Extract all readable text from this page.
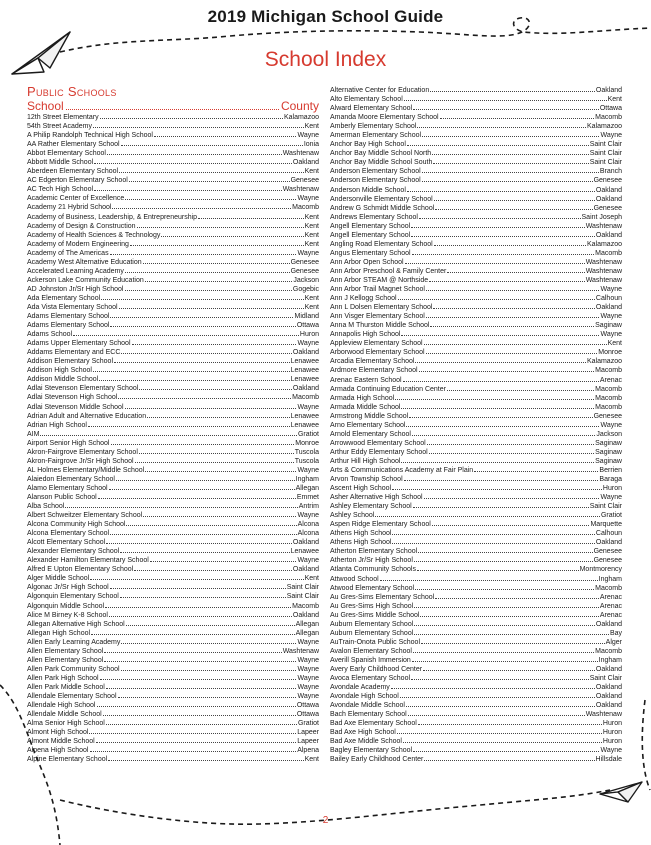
2019 Michigan School Guide
School Index
Public Schools
School	County
12th Street Elementary	Kalamazoo
54th Street Academy	Kent
A Philip Randolph Technical High School	Wayne
AA Rather Elementary School	Ionia
Abbot Elementary School	Washtenaw
Abbott Middle School	Oakland
Aberdeen Elementary School	Kent
AC Edgerton Elementary School	Genesee
AC Tech High School	Washtenaw
Academic Center of Excellence	Wayne
Academy 21 Hybrid School	Macomb
Academy of Business, Leadership, & Entrepreneurship	Kent
Academy of Design & Construction	Kent
Academy of Health Sciences & Technology	Kent
Academy of Modern Engineering	Kent
Academy of The Americas	Wayne
Academy West Alternative Education	Genesee
Accelerated Learning Academy	Genesee
Ackerson Lake Community Education	Jackson
AD Johnston Jr/Sr High School	Gogebic
Ada Elementary School	Kent
Ada Vista Elementary School	Kent
Adams Elementary School	Midland
Adams Elementary School	Ottawa
Adams School	Huron
Adams Upper Elementary School	Wayne
Addams Elementary and ECC	Oakland
Addison Elementary School	Lenawee
Addison High School	Lenawee
Addison Middle School	Lenawee
Adlai Stevenson Elementary School	Oakland
Adlai Stevenson High School	Macomb
Adlai Stevenson Middle School	Wayne
Adrian Adult and Alternative Education	Lenawee
Adrian High School	Lenawee
AIM	Gratiot
Airport Senior High School	Monroe
Akron-Fairgrove Elementary School	Tuscola
Akron-Fairgrove Jr/Sr High School	Tuscola
AL Holmes Elementary/Middle School	Wayne
Alaiedon Elementary School	Ingham
Alamo Elementary School	Allegan
Alanson Public School	Emmet
Alba School	Antrim
Albert Schweitzer Elementary School	Wayne
Alcona Community High School	Alcona
Alcona Elementary School	Alcona
Alcott Elementary School	Oakland
Alexander Elementary School	Lenawee
Alexander Hamilton Elementary School	Wayne
Alfred E Upton Elementary School	Oakland
Alger Middle School	Kent
Algonac Jr/Sr High School	Saint Clair
Algonquin Elementary School	Saint Clair
Algonquin Middle School	Macomb
Alice M Birney K-8 School	Oakland
Allegan Alternative High School	Allegan
Allegan High School	Allegan
Allen Early Learning Academy	Wayne
Allen Elementary School	Washtenaw
Allen Elementary School	Wayne
Allen Park Community School	Wayne
Allen Park High School	Wayne
Allen Park Middle School	Wayne
Allendale Elementary School	Wayne
Allendale High School	Ottawa
Allendale Middle School	Ottawa
Alma Senior High School	Gratiot
Almont High School	Lapeer
Almont Middle School	Lapeer
Alpena High School	Alpena
Alpine Elementary School	Kent
Alternative Center for Education	Oakland
Alto Elementary School	Kent
Alward Elementary School	Ottawa
Amanda Moore Elementary School	Macomb
Amberly Elementary School	Kalamazoo
Amerman Elementary School	Wayne
Anchor Bay High School	Saint Clair
Anchor Bay Middle School North	Saint Clair
Anchor Bay Middle School South	Saint Clair
Anderson Elementary School	Branch
Anderson Elementary School	Genesee
Anderson Middle School	Oakland
Andersonville Elementary School	Oakland
Andrew G Schmidt Middle School	Genesee
Andrews Elementary School	Saint Joseph
Angell Elementary School	Washtenaw
Angell Elementary School	Oakland
Angling Road Elementary School	Kalamazoo
Angus Elementary School	Macomb
Ann Arbor Open School	Washtenaw
Ann Arbor Preschool & Family Center	Washtenaw
Ann Arbor STEAM @ Northside	Washtenaw
Ann Arbor Trail Magnet School	Wayne
Ann J Kellogg School	Calhoun
Ann L Dolsen Elementary School	Oakland
Ann Visger Elementary School	Wayne
Anna M Thurston Middle School	Saginaw
Annapolis High School	Wayne
Appleview Elementary School	Kent
Arborwood Elementary School	Monroe
Arcadia Elementary School	Kalamazoo
Ardmore Elementary School	Macomb
Arenac Eastern School	Arenac
Armada Continuing Education Center	Macomb
Armada High School	Macomb
Armada Middle School	Macomb
Armstrong Middle School	Genesee
Arno Elementary School	Wayne
Arnold Elementary School	Jackson
Arrowwood Elementary School	Saginaw
Arthur Eddy Elementary School	Saginaw
Arthur Hill High School	Saginaw
Arts & Communications Academy at Fair Plain	Berrien
Arvon Township School	Baraga
Ascent High School	Huron
Asher Alternative High School	Wayne
Ashley Elementary School	Saint Clair
Ashley School	Gratiot
Aspen Ridge Elementary School	Marquette
Athens High School	Calhoun
Athens High School	Oakland
Atherton Elementary School	Genesee
Atherton Jr/Sr High School	Genesee
Atlanta Community Schools	Montmorency
Attwood School	Ingham
Atwood Elementary School	Macomb
Au Gres-Sims Elementary School	Arenac
Au Gres-Sims High School	Arenac
Au Gres-Sims Middle School	Arenac
Auburn Elementary School	Oakland
Auburn Elementary School	Bay
AuTrain-Onota Public School	Alger
Avalon Elementary School	Macomb
Averill Spanish Immersion	Ingham
Avery Early Childhood Center	Oakland
Avoca Elementary School	Saint Clair
Avondale Academy	Oakland
Avondale High School	Oakland
Avondale Middle School	Oakland
Bach Elementary School	Washtenaw
Bad Axe Elementary School	Huron
Bad Axe High School	Huron
Bad Axe Middle School	Huron
Bagley Elementary School	Wayne
Bailey Early Childhood Center	Hillsdale
2
